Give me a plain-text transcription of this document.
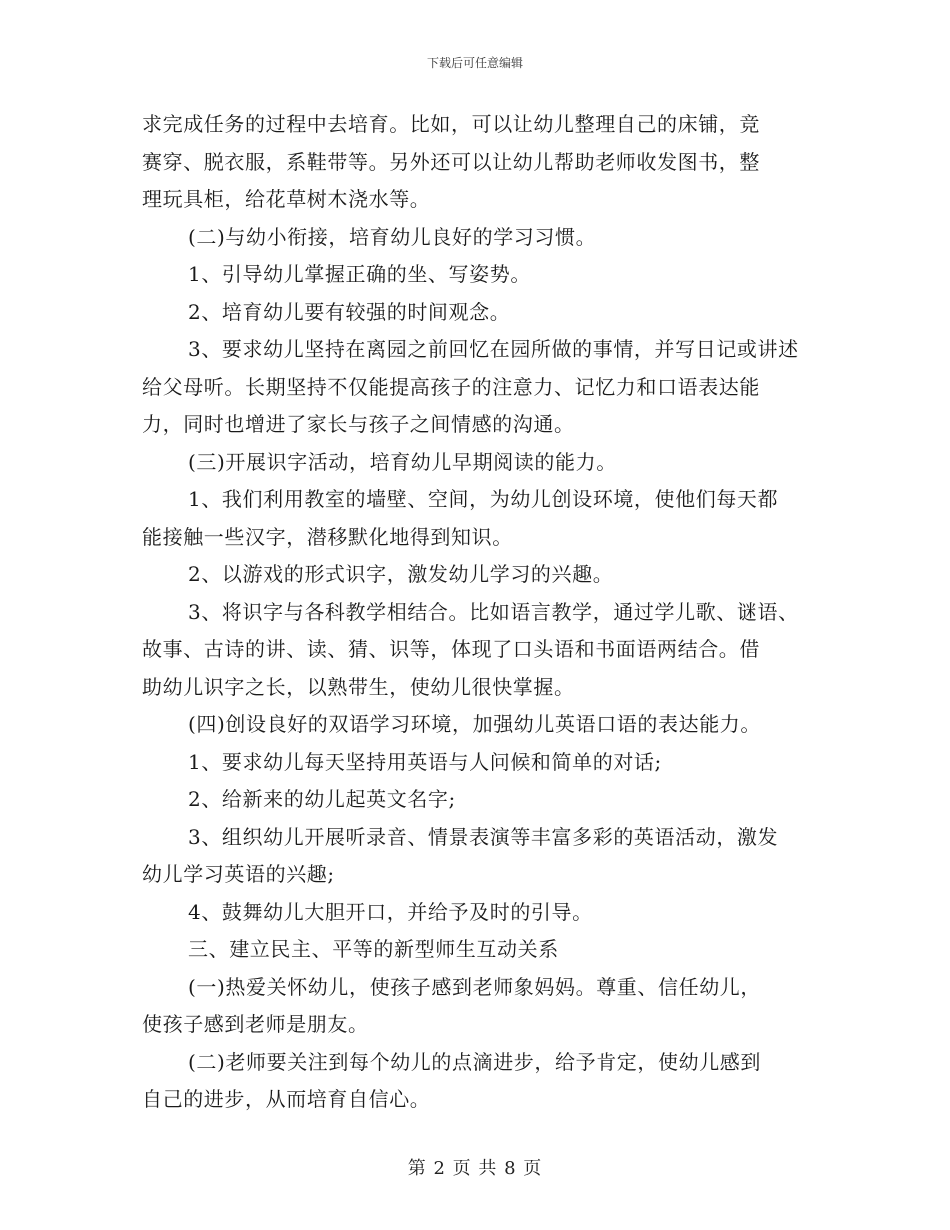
下载后可任意编辑
求完成任务的过程中去培育。比如，可以让幼儿整理自己的床铺，竞
赛穿、脱衣服，系鞋带等。另外还可以让幼儿帮助老师收发图书，整
理玩具柜，给花草树木浇水等。
(二)与幼小衔接，培育幼儿良好的学习习惯。
1、引导幼儿掌握正确的坐、写姿势。
2、培育幼儿要有较强的时间观念。
3、要求幼儿坚持在离园之前回忆在园所做的事情，并写日记或讲述
给父母听。长期坚持不仅能提高孩子的注意力、记忆力和口语表达能
力，同时也增进了家长与孩子之间情感的沟通。
(三)开展识字活动，培育幼儿早期阅读的能力。
1、我们利用教室的墙壁、空间，为幼儿创设环境，使他们每天都
能接触一些汉字，潜移默化地得到知识。
2、以游戏的形式识字，激发幼儿学习的兴趣。
3、将识字与各科教学相结合。比如语言教学，通过学儿歌、谜语、
故事、古诗的讲、读、猜、识等，体现了口头语和书面语两结合。借
助幼儿识字之长，以熟带生，使幼儿很快掌握。
(四)创设良好的双语学习环境，加强幼儿英语口语的表达能力。
1、要求幼儿每天坚持用英语与人问候和简单的对话;
2、给新来的幼儿起英文名字;
3、组织幼儿开展听录音、情景表演等丰富多彩的英语活动，激发
幼儿学习英语的兴趣;
4、鼓舞幼儿大胆开口，并给予及时的引导。
三、建立民主、平等的新型师生互动关系
(一)热爱关怀幼儿，使孩子感到老师象妈妈。尊重、信任幼儿，
使孩子感到老师是朋友。
(二)老师要关注到每个幼儿的点滴进步，给予肯定，使幼儿感到
自己的进步，从而培育自信心。
第 2 页 共 8 页
